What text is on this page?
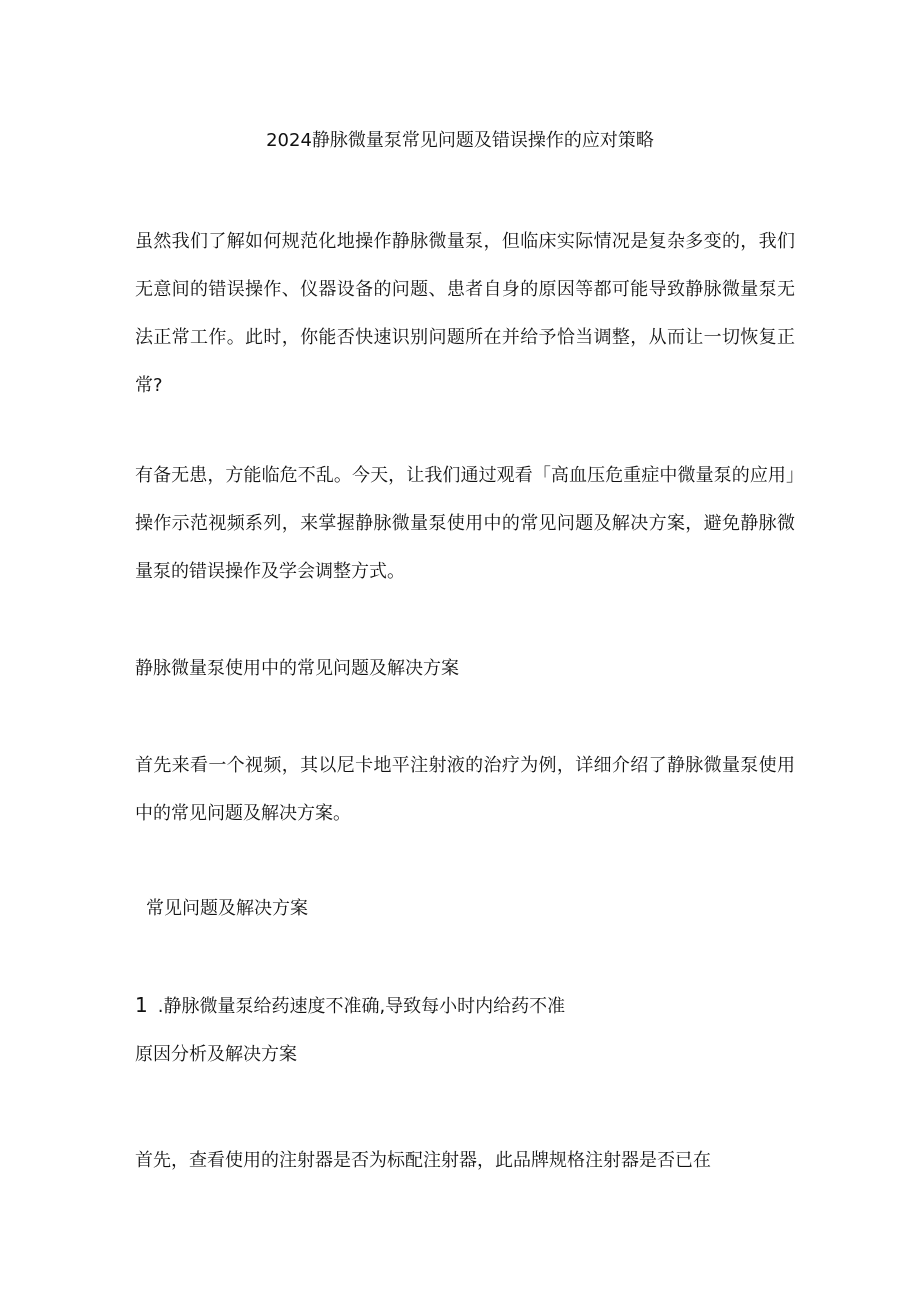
2024静脉微量泵常见问题及错误操作的应对策略
虽然我们了解如何规范化地操作静脉微量泵，但临床实际情况是复杂多变的，我们无意间的错误操作、仪器设备的问题、患者自身的原因等都可能导致静脉微量泵无法正常工作。此时，你能否快速识别问题所在并给予恰当调整，从而让一切恢复正常?
有备无患，方能临危不乱。今天，让我们通过观看「高血压危重症中微量泵的应用」操作示范视频系列，来掌握静脉微量泵使用中的常见问题及解决方案，避免静脉微量泵的错误操作及学会调整方式。
静脉微量泵使用中的常见问题及解决方案
首先来看一个视频，其以尼卡地平注射液的治疗为例，详细介绍了静脉微量泵使用中的常见问题及解决方案。
常见问题及解决方案
1 .静脉微量泵给药速度不准确,导致每小时内给药不准
原因分析及解决方案
首先，查看使用的注射器是否为标配注射器，此品牌规格注射器是否已在
